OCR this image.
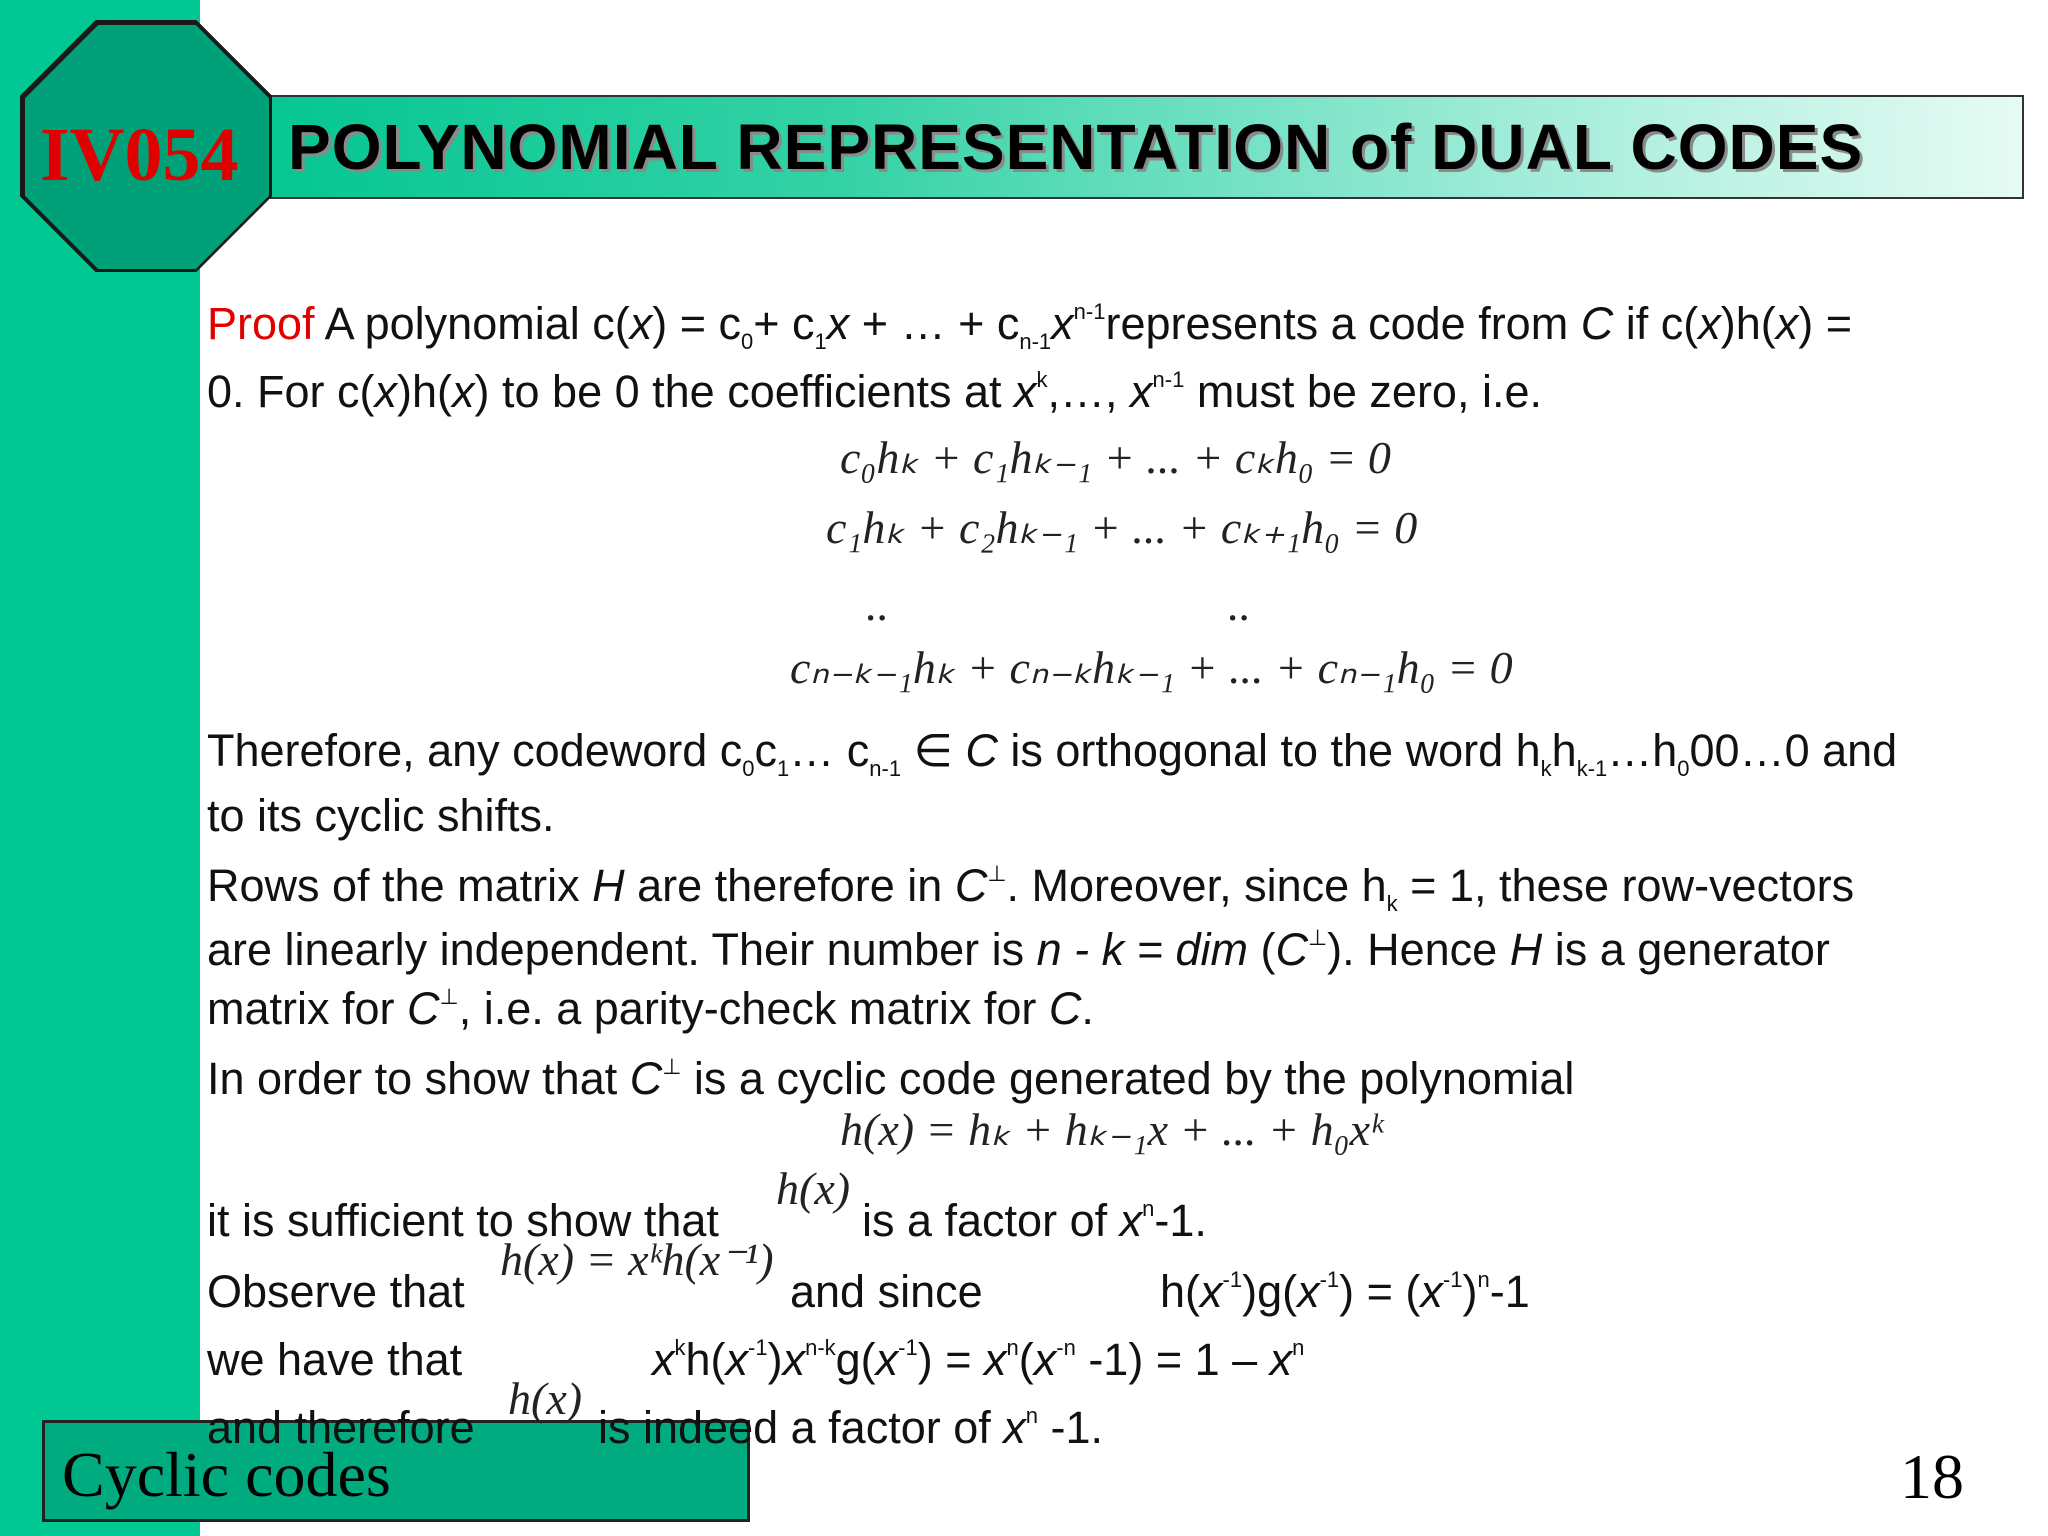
POLYNOMIAL REPRESENTATION of DUAL CODES
IV054
Proof A polynomial $c(x) = c_0+ c_1x$ + … + $c_{n-1}x^{n-1}represents$ a code from C if c(x)h(x) =
0. For c(x)h(x) to be 0 the coefficients at $x^k,\dots$, $x^{n-1}$ must be zero, i.e.
c₀hₖ + c₁hₖ₋₁ + ... + cₖh₀ = 0
c₁hₖ + c₂hₖ₋₁ + ... + cₖ₊₁h₀ = 0
..	..
cₙ₋ₖ₋₁hₖ + cₙ₋ₖhₖ₋₁ + ... + cₙ₋₁h₀ = 0
Therefore, any codeword $c_0c_1\dots$ $c_{n-1}$ ∈ C is orthogonal to the word $h_kh_{k-1}\dots h_000\dots 0$ and
to its cyclic shifts.
Rows of the matrix H are therefore in C⊥. Moreover, since $h_k = 1$, these row-vectors
are linearly independent. Their number is n - k = dim (C⊥). Hence H is a generator
matrix for C⊥, i.e. a parity-check matrix for C.
In order to show that C⊥ is a cyclic code generated by the polynomial
h(x) = hₖ + hₖ₋₁x + ... + h₀xᵏ
it is sufficient to show that
h(x)
is a factor of $x^n-1$.
Observe that
h(x) = xᵏh(x⁻¹)
and since	$h(x^{-1})g(x^{-1}) = (x^{-1})^n-1$
we have that	$x^kh(x^{-1})x^{n-k}g(x^{-1}) = x^n(x^{-n}$ $-1) = 1 - x^n$
and therefore
h(x)
is indeed a factor of $x^n$ -1.
Cyclic codes	18
